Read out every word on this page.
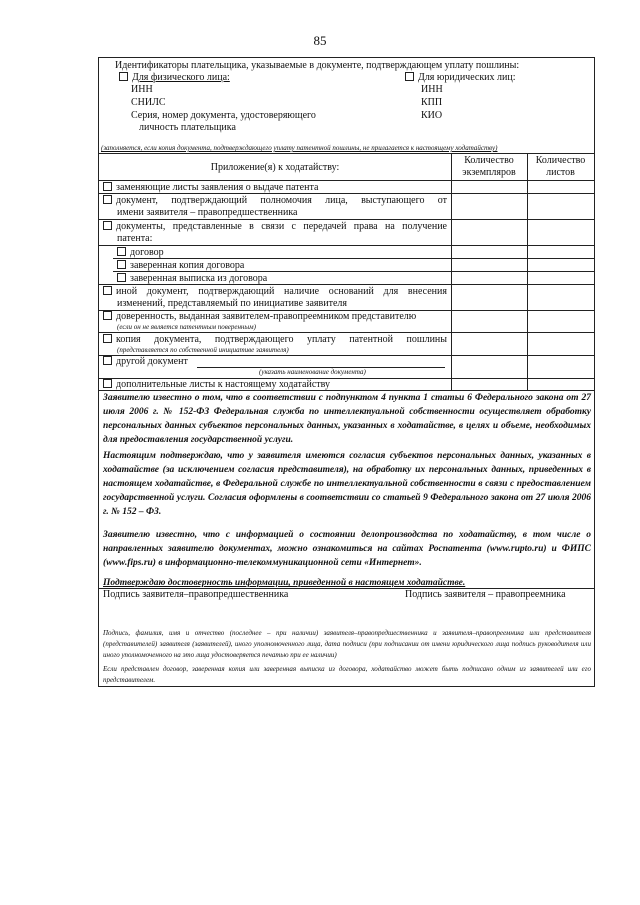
85
Идентификаторы плательщика, указываемые в документе, подтверждающем уплату пошлины:
Для физического лица:
ИНН
СНИЛС
Серия, номер документа, удостоверяющего
личность плательщика
Для юридических лиц:
ИНН
КПП
КИО
(заполняется, если копия документа, подтверждающего уплату патентной пошлины, не прилагается к настоящему ходатайству)
Приложение(я) к ходатайству:
Количество
экземпляров
Количество
листов
заменяющие листы заявления о выдаче патента
документ, подтверждающий полномочия лица, выступающего от
имени заявителя – правопредшественника
документы, представленные в связи с передачей права на получение
патента:
договор
заверенная копия договора
заверенная выписка из договора
иной документ, подтверждающий наличие оснований для внесения
изменений, представляемый по инициативе заявителя
доверенность, выданная заявителем-правопреемником представителю
(если он не является патентным поверенным)
копия документа, подтверждающего уплату патентной пошлины
(представляется по собственной инициативе заявителя)
другой документ
(указать наименование документа)
дополнительные листы к настоящему ходатайству
Заявителю известно о том, что в соответствии с подпунктом 4 пункта 1 статьи 6 Федерального закона от 27 июля 2006 г. № 152-ФЗ Федеральная служба по интеллектуальной собственности осуществляет обработку персональных данных субъектов персональных данных, указанных в ходатайстве, в целях и объеме, необходимых для предоставления государственной услуги.
Настоящим подтверждаю, что у заявителя имеются согласия субъектов персональных данных, указанных в ходатайстве (за исключением согласия представителя), на обработку их персональных данных, приведенных в настоящем ходатайстве, в Федеральной службе по интеллектуальной собственности в связи с предоставлением государственной услуги. Согласия оформлены в соответствии со статьей 9 Федерального закона от 27 июля 2006 г. № 152 – ФЗ.
Заявителю известно, что с информацией о состоянии делопроизводства по ходатайству, в том числе о направленных заявителю документах, можно ознакомиться на сайтах Роспатента (www.rupto.ru) и ФИПС (www.fips.ru) в информационно-телекоммуникационной сети «Интернет».
Подтверждаю достоверность информации, приведенной в настоящем ходатайстве.
Подпись заявителя–правопредшественника	Подпись заявителя – правопреемника
Подпись, фамилия, имя и отчество (последнее – при наличии) заявителя–правопредшественника и заявителя–правопреемника или представителя (представителей) заявителя (заявителей), иного уполномоченного лица, дата подписи (при подписании от имени юридического лица подпись руководителя или иного уполномоченного на это лица удостоверяется печатью при ее наличии)
Если представлен договор, заверенная копия или заверенная выписка из договора, ходатайство может быть подписано одним из заявителей или его представителем.
